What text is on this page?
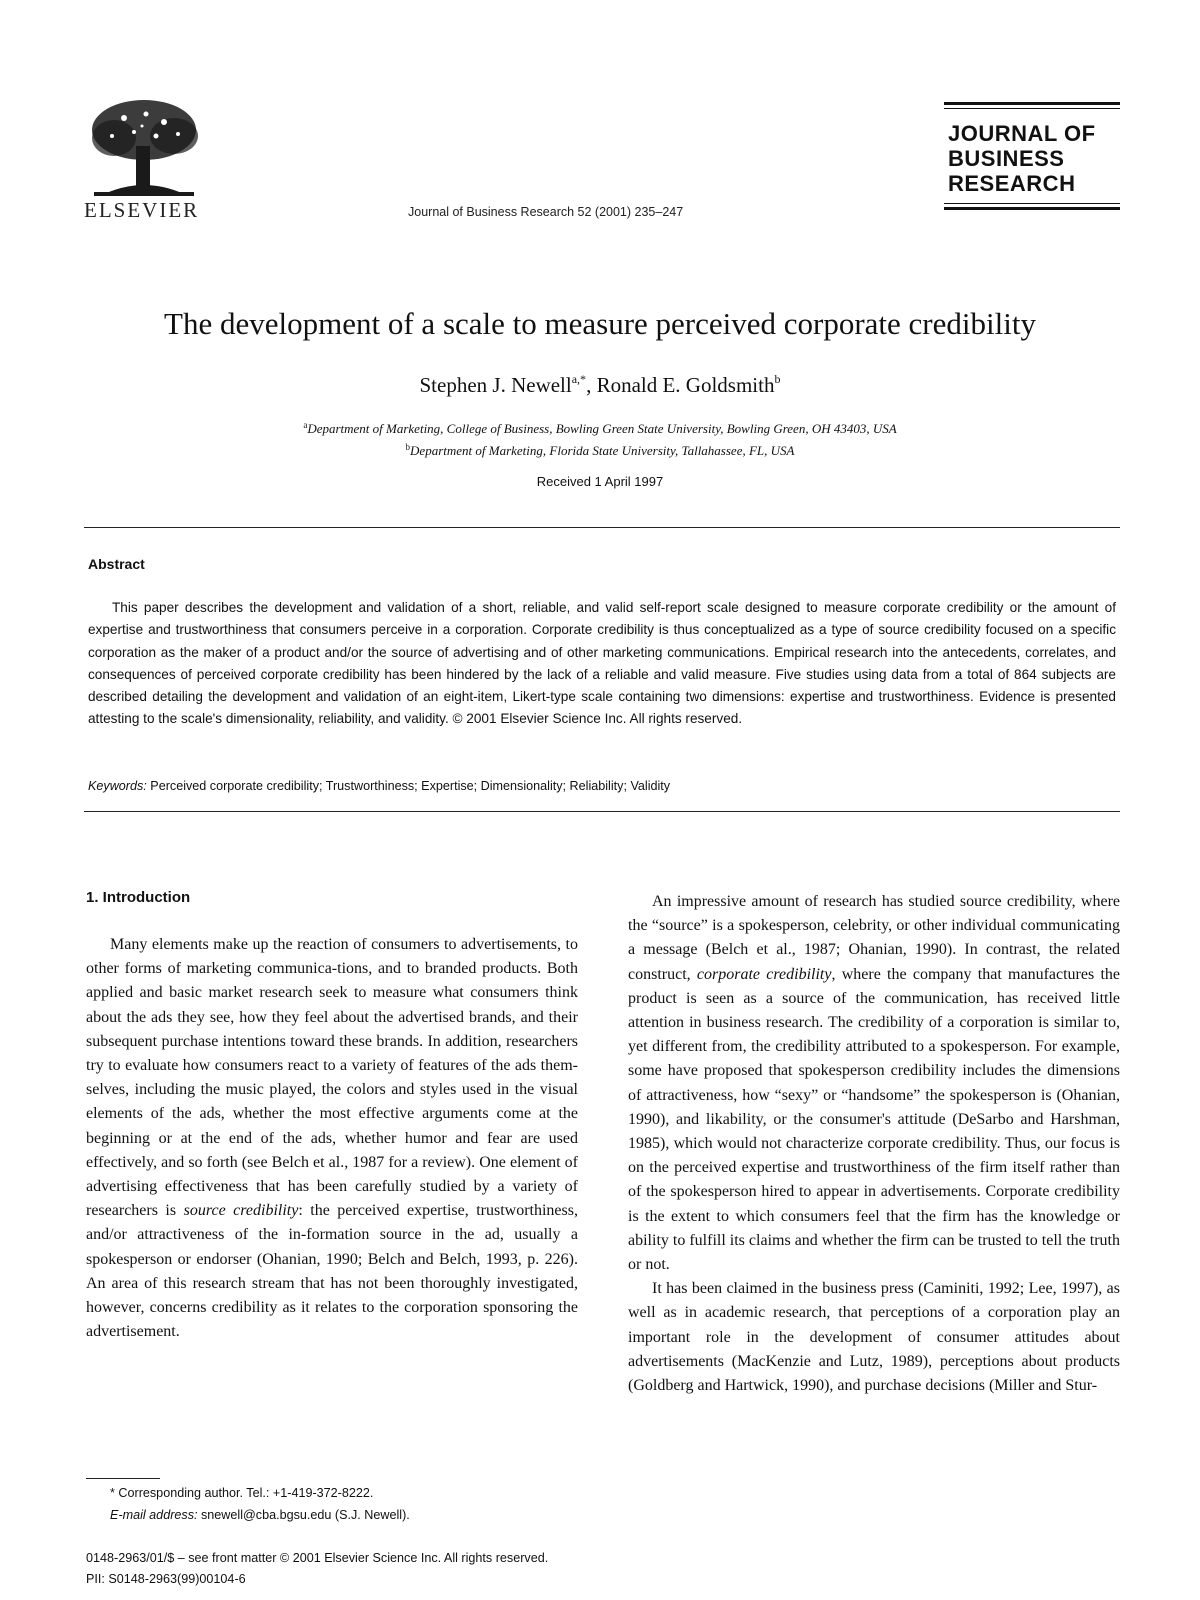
ELSEVIER	Journal of Business Research 52 (2001) 235–247
JOURNAL OF
BUSINESS
RESEARCH
The development of a scale to measure perceived corporate credibility
Stephen J. Newell$^{a,*}$, Ronald E. Goldsmith$^b$
$^a$Department of Marketing, College of Business, Bowling Green State University, Bowling Green, OH 43403, USA
$^b$Department of Marketing, Florida State University, Tallahassee, FL, USA
Received 1 April 1997
Abstract

This paper describes the development and validation of a short, reliable, and valid self-report scale designed to measure corporate credibility or the amount of expertise and trustworthiness that consumers perceive in a corporation. Corporate credibility is thus conceptualized as a type of source credibility focused on a specific corporation as the maker of a product and/or the source of advertising and of other marketing communications. Empirical research into the antecedents, correlates, and consequences of perceived corporate credibility has been hindered by the lack of a reliable and valid measure. Five studies using data from a total of 864 subjects are described detailing the development and validation of an eight-item, Likert-type scale containing two dimensions: expertise and trustworthiness. Evidence is presented attesting to the scale's dimensionality, reliability, and validity. © 2001 Elsevier Science Inc. All rights reserved.

Keywords: Perceived corporate credibility; Trustworthiness; Expertise; Dimensionality; Reliability; Validity
1. Introduction

Many elements make up the reaction of consumers to advertisements, to other forms of marketing communica-tions, and to branded products. Both applied and basic market research seek to measure what consumers think about the ads they see, how they feel about the advertised brands, and their subsequent purchase intentions toward these brands. In addition, researchers try to evaluate how consumers react to a variety of features of the ads them-selves, including the music played, the colors and styles used in the visual elements of the ads, whether the most effective arguments come at the beginning or at the end of the ads, whether humor and fear are used effectively, and so forth (see Belch et al., 1987 for a review). One element of advertising effectiveness that has been carefully studied by a variety of researchers is source credibility: the perceived expertise, trustworthiness, and/or attractiveness of the in-formation source in the ad, usually a spokesperson or endorser (Ohanian, 1990; Belch and Belch, 1993, p. 226). An area of this research stream that has not been thoroughly investigated, however, concerns credibility as it relates to the corporation sponsoring the advertisement.

An impressive amount of research has studied source credibility, where the “source” is a spokesperson, celebrity, or other individual communicating a message (Belch et al., 1987; Ohanian, 1990). In contrast, the related construct, corporate credibility, where the company that manufactures the product is seen as a source of the communication, has received little attention in business research. The credibility of a corporation is similar to, yet different from, the credibility attributed to a spokesperson. For example, some have proposed that spokesperson credibility includes the dimensions of attractiveness, how “sexy” or “handsome” the spokesperson is (Ohanian, 1990), and likability, or the consumer's attitude (DeSarbo and Harshman, 1985), which would not characterize corporate credibility. Thus, our focus is on the perceived expertise and trustworthiness of the firm itself rather than of the spokesperson hired to appear in advertisements. Corporate credibility is the extent to which consumers feel that the firm has the knowledge or ability to fulfill its claims and whether the firm can be trusted to tell the truth or not.

It has been claimed in the business press (Caminiti, 1992; Lee, 1997), as well as in academic research, that perceptions of a corporation play an important role in the development of consumer attitudes about advertisements (MacKenzie and Lutz, 1989), perceptions about products (Goldberg and Hartwick, 1990), and purchase decisions (Miller and Stur-

* Corresponding author. Tel.: +1-419-372-8222.
E-mail address: snewell@cba.bgsu.edu (S.J. Newell).
0148-2963/01/$ – see front matter © 2001 Elsevier Science Inc. All rights reserved.
PII: S0148-2963(99)00104-6
